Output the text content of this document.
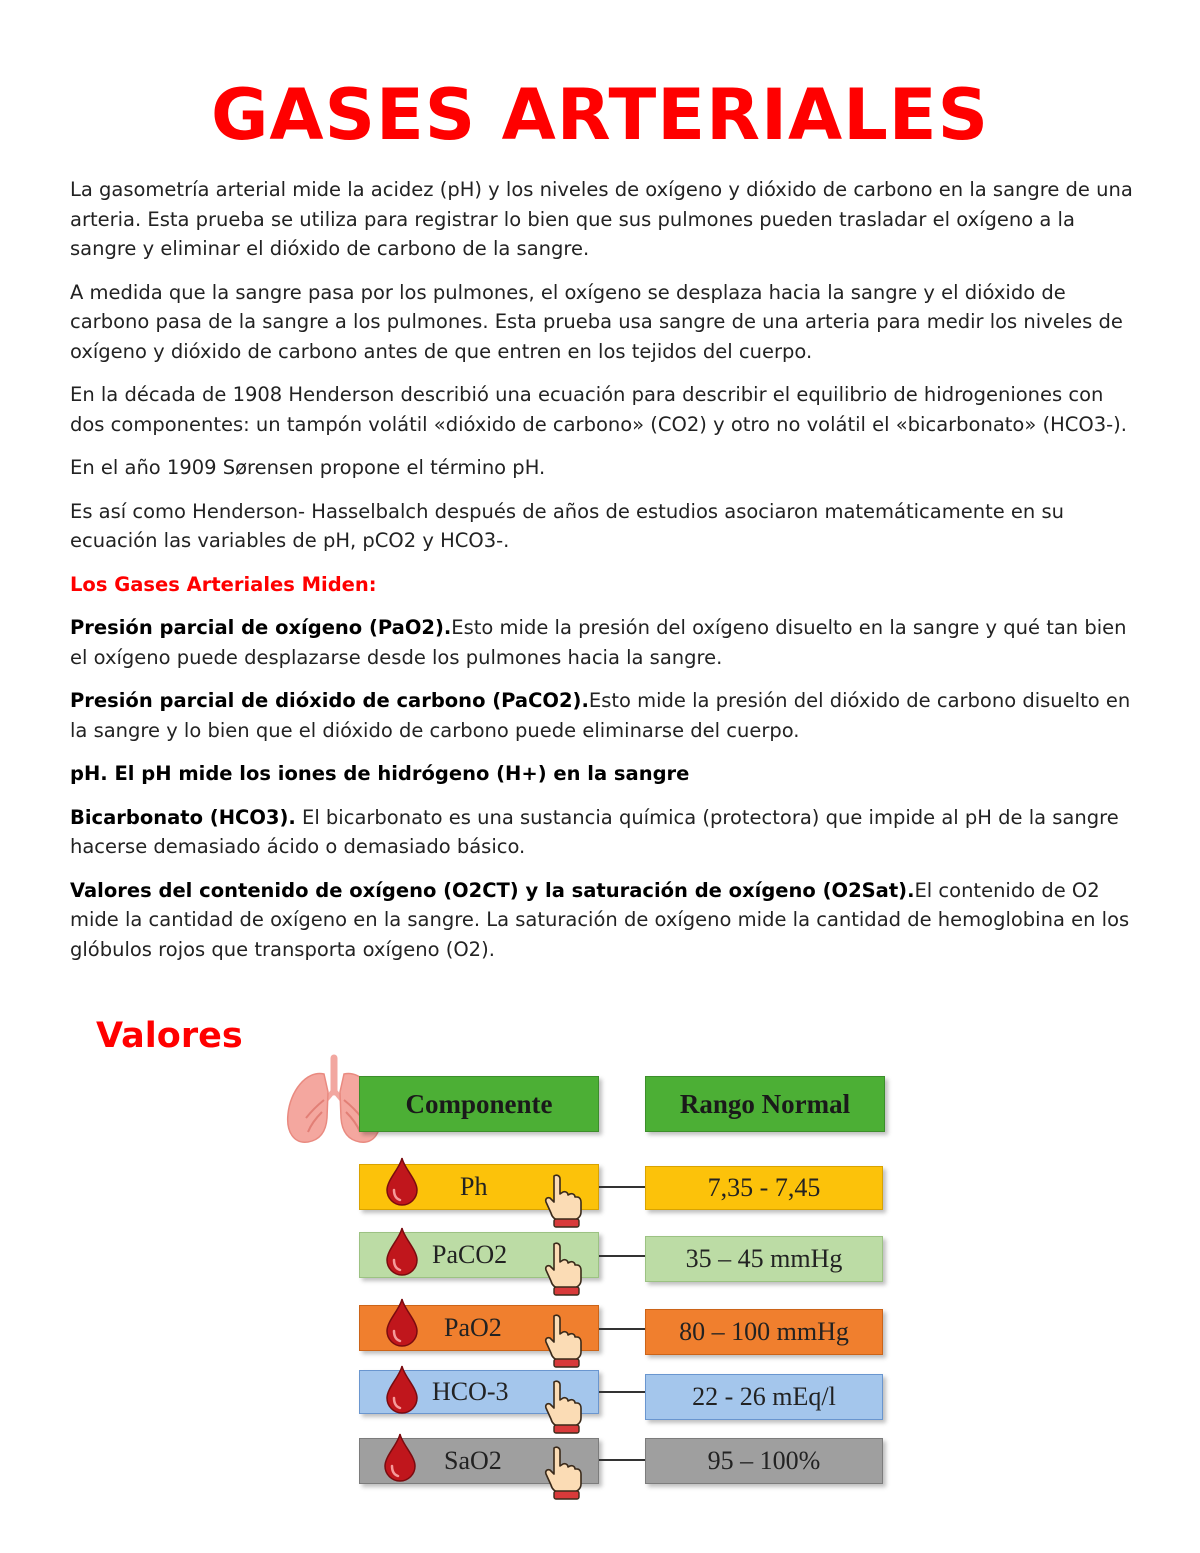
GASES ARTERIALES

La gasometría arterial mide la acidez (pH) y los niveles de oxígeno y dióxido de carbono en la sangre de una arteria. Esta prueba se utiliza para registrar lo bien que sus pulmones pueden trasladar el oxígeno a la sangre y eliminar el dióxido de carbono de la sangre.

A medida que la sangre pasa por los pulmones, el oxígeno se desplaza hacia la sangre y el dióxido de carbono pasa de la sangre a los pulmones. Esta prueba usa sangre de una arteria para medir los niveles de oxígeno y dióxido de carbono antes de que entren en los tejidos del cuerpo.

En la década de 1908 Henderson describió una ecuación para describir el equilibrio de hidrogeniones con dos componentes: un tampón volátil «dióxido de carbono» (CO2) y otro no volátil el «bicarbonato» (HCO3-).

En el año 1909 Sørensen propone el término pH.

Es así como Henderson- Hasselbalch después de años de estudios asociaron matemáticamente en su ecuación las variables de pH, pCO2 y HCO3-.

Los Gases Arteriales Miden:

Presión parcial de oxígeno (PaO2).Esto mide la presión del oxígeno disuelto en la sangre y qué tan bien el oxígeno puede desplazarse desde los pulmones hacia la sangre.

Presión parcial de dióxido de carbono (PaCO2).Esto mide la presión del dióxido de carbono disuelto en la sangre y lo bien que el dióxido de carbono puede eliminarse del cuerpo.

pH. El pH mide los iones de hidrógeno (H+) en la sangre

Bicarbonato (HCO3). El bicarbonato es una sustancia química (protectora) que impide al pH de la sangre hacerse demasiado ácido o demasiado básico.

Valores del contenido de oxígeno (O2CT) y la saturación de oxígeno (O2Sat).El contenido de O2 mide la cantidad de oxígeno en la sangre. La saturación de oxígeno mide la cantidad de hemoglobina en los glóbulos rojos que transporta oxígeno (O2).

Valores
Componente	Rango Normal
Ph	7,35 - 7,45
PaCO2	35 – 45 mmHg
PaO2	80 – 100 mmHg
HCO-3	22 - 26 mEq/l
SaO2	95 – 100%
